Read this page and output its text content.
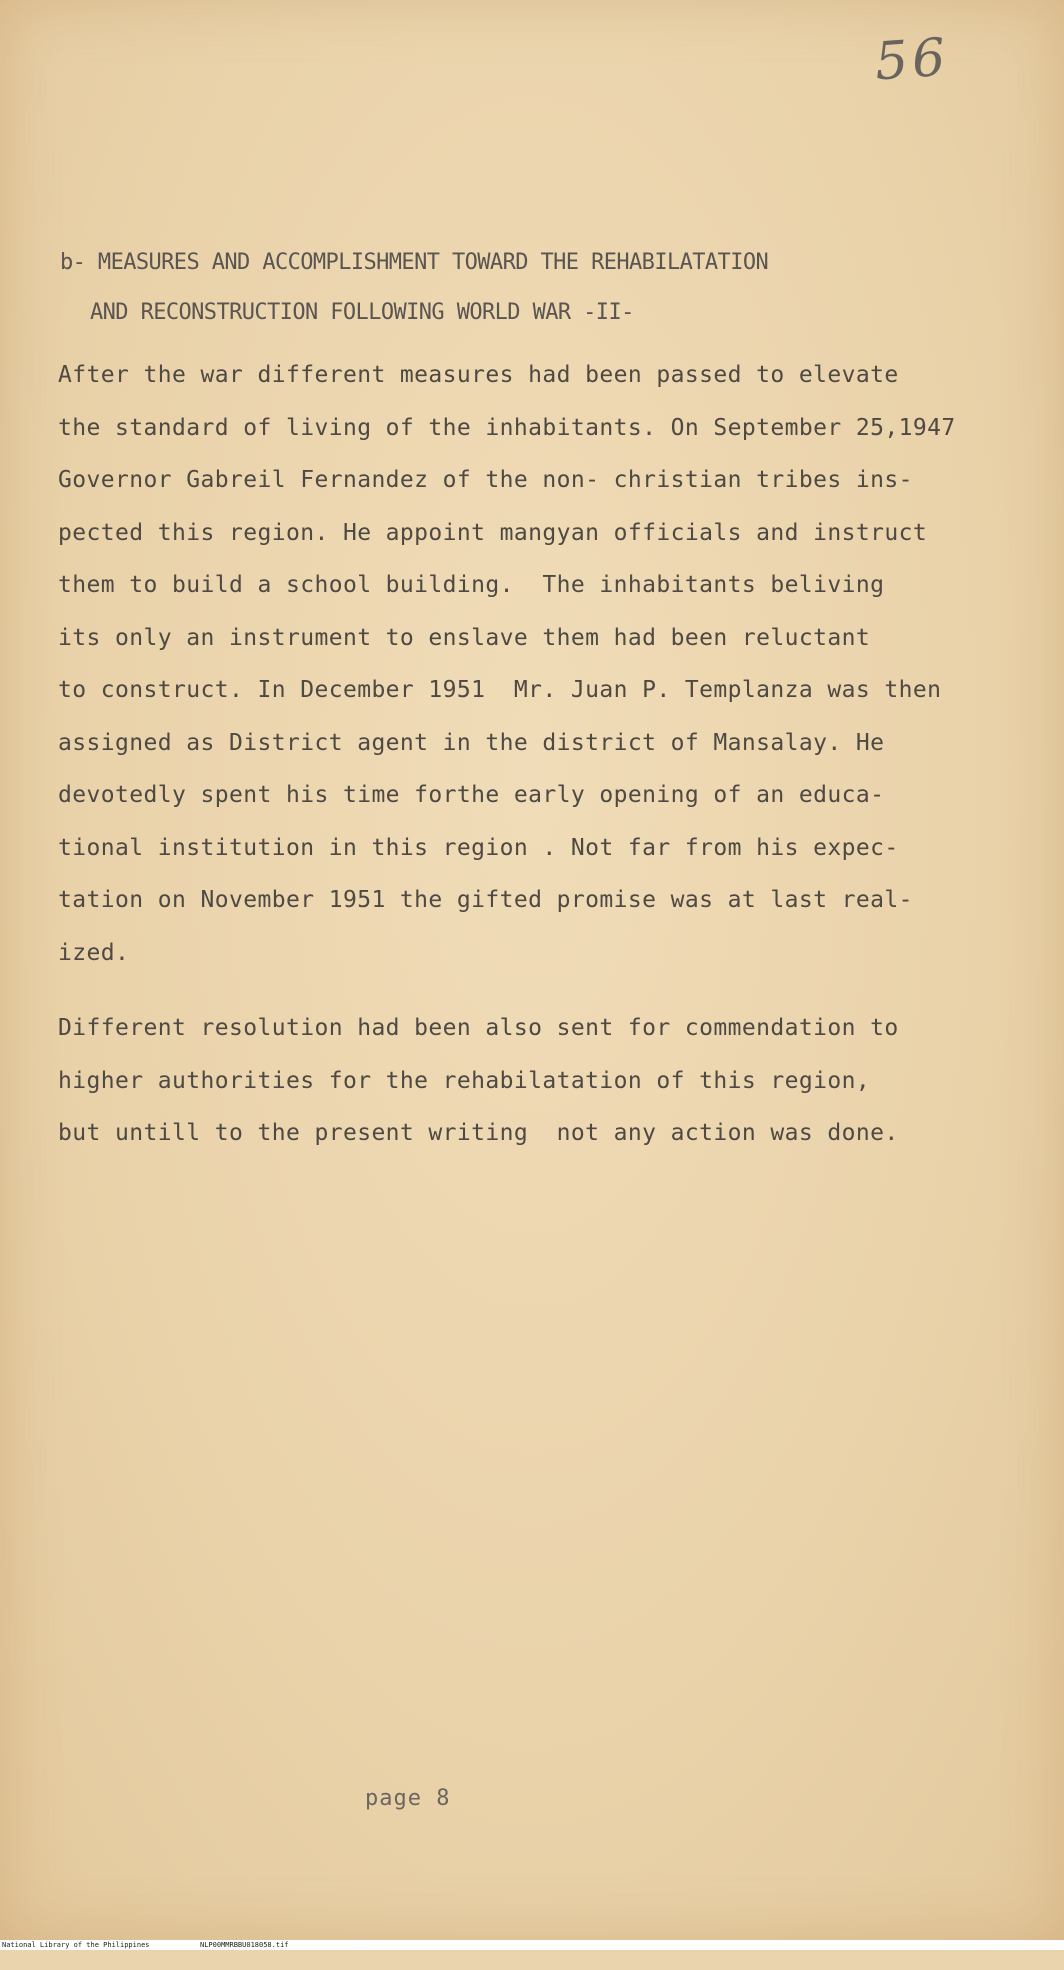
56
b- MEASURES AND ACCOMPLISHMENT TOWARD THE REHABILATATION
AND RECONSTRUCTION FOLLOWING WORLD WAR -II-
After the war different measures had been passed to elevate
the standard of living of the inhabitants. On September 25,1947
Governor Gabreil Fernandez of the non- christian tribes ins-
pected this region. He appoint mangyan officials and instruct
them to build a school building.  The inhabitants beliving
its only an instrument to enslave them had been reluctant
to construct. In December 1951  Mr. Juan P. Templanza was then
assigned as District agent in the district of Mansalay. He
devotedly spent his time forthe early opening of an educa-
tional institution in this region . Not far from his expec-
tation on November 1951 the gifted promise was at last real-
ized.
Different resolution had been also sent for commendation to
higher authorities for the rehabilatation of this region,
but untill to the present writing  not any action was done.
page 8

National Library of the Philippines

	NLP00MMRBBU018058.tif
